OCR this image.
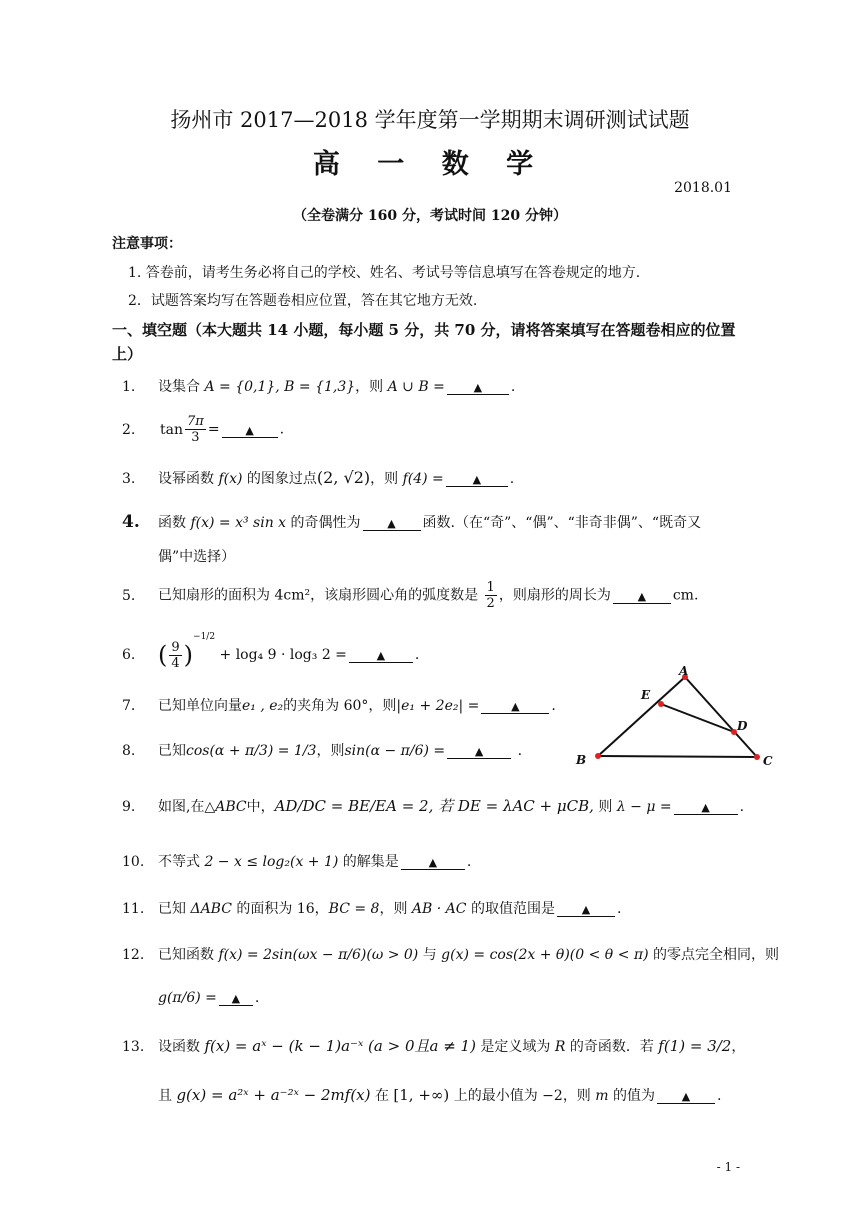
扬州市 2017—2018 学年度第一学期期末调研测试试题
高 一 数 学
2018.01
（全卷满分 160 分，考试时间 120 分钟）
注意事项：
1. 答卷前，请考生务必将自己的学校、姓名、考试号等信息填写在答卷规定的地方.
2．试题答案均写在答题卷相应位置，答在其它地方无效.
一、填空题（本大题共 14 小题，每小题 5 分，共 70 分，请将答案填写在答题卷相应的位置上）
1. 设集合 A = {0,1}, B = {1,3}，则 A ∪ B =	▲ .
2. $\tan \frac{7\pi}{3}$ = ▲ .
3. 设幂函数 f(x) 的图象过点(2, √2)，则 f(4) =	▲ .
4. 函数 f(x) = x³ sin x 的奇偶性为 ▲ 函数.（在“奇”、“偶”、“非奇非偶”、“既奇又
偶”中选择）
5. 已知扇形的面积为 4cm²，该扇形圆心角的弧度数是 $\frac{1}{2}$ ，则扇形的周长为 ▲ cm.
6. ( $\frac{9}{4} )^{-1/2} + \log_4$ 9 · log₃ 2 =	▲ .
7. 已知单位向量e₁ , e₂的夹角为 60°，则|e₁ + 2e₂| =	▲ .
8. 已知cos(α + π/3) = 1/3，则sin(α − π/6) =	▲ .
9. 如图,在△ABC中，AD/DC = BE/EA = 2, 若 DE = λAC + μCB, 则 λ − μ =	▲ .
10. 不等式 2 − x ≤ log₂(x + 1) 的解集是	▲ .
11. 已知 ΔABC 的面积为 16，BC = 8，则 AB · AC 的取值范围是 ▲ .
12. 已知函数 f(x) = 2sin(ωx − π/6)(ω > 0) 与 g(x) = cos(2x + θ)(0 < θ < π) 的零点完全相同，则
g(π/6) = ▲ .
13. 设函数 f(x) = aˣ − (k − 1)a⁻ˣ (a > 0且a ≠ 1) 是定义域为 R 的奇函数．若 f(1) = 3/2，
且 g(x) = a²ˣ + a⁻²ˣ − 2mf(x) 在 [1, +∞) 上的最小值为 −2，则 m 的值为 ▲ .
A
E
D
B	C
- 1 -
